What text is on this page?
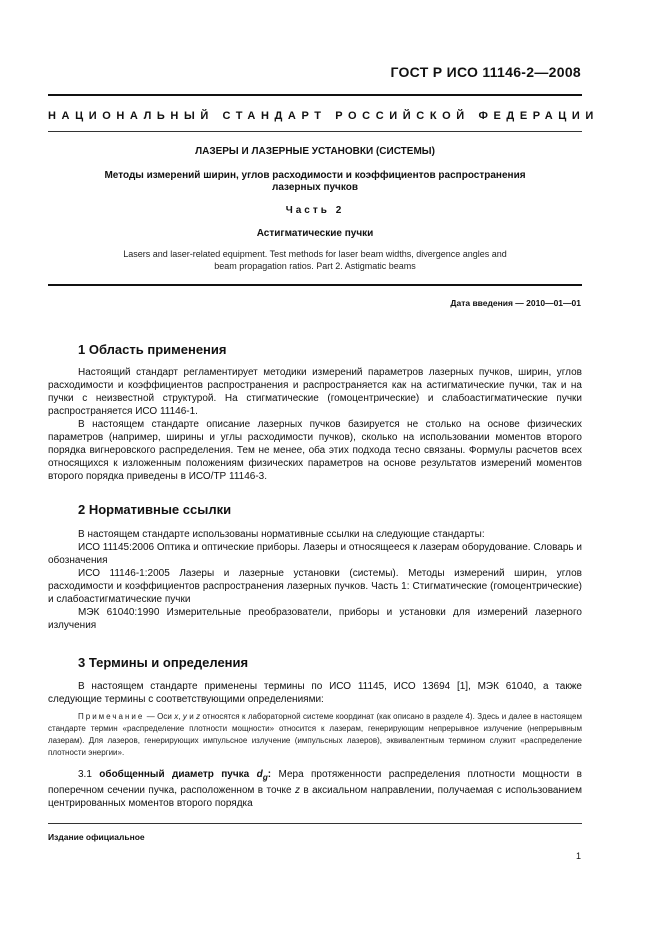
ГОСТ Р ИСО 11146-2—2008
НАЦИОНАЛЬНЫЙ СТАНДАРТ РОССИЙСКОЙ ФЕДЕРАЦИИ
ЛАЗЕРЫ И ЛАЗЕРНЫЕ УСТАНОВКИ (СИСТЕМЫ)
Методы измерений ширин, углов расходимости и коэффициентов распространения
лазерных пучков
Часть 2
Астигматические пучки
Lasers and laser-related equipment. Test methods for laser beam widths, divergence angles and
beam propagation ratios. Part 2. Astigmatic beams
Дата введения — 2010—01—01
1 Область применения

Настоящий стандарт регламентирует методики измерений параметров лазерных пучков, ширин, углов расходимости и коэффициентов распространения и распространяется как на астигматические пучки, так и на пучки с неизвестной структурой. На стигматические (гомоцентрические) и слабоастигматические пучки распространяется ИСО 11146-1.

В настоящем стандарте описание лазерных пучков базируется не столько на основе физических параметров (например, ширины и углы расходимости пучков), сколько на использовании моментов второго порядка вигнеровского распределения. Тем не менее, оба этих подхода тесно связаны. Формулы расчетов всех относящихся к изложенным положениям физических параметров на основе результатов измерений моментов второго порядка приведены в ИСО/ТР 11146-3.

2 Нормативные ссылки

В настоящем стандарте использованы нормативные ссылки на следующие стандарты:

ИСО 11145:2006 Оптика и оптические приборы. Лазеры и относящееся к лазерам оборудование. Словарь и обозначения

ИСО 11146-1:2005 Лазеры и лазерные установки (системы). Методы измерений ширин, углов расходимости и коэффициентов распространения лазерных пучков. Часть 1: Стигматические (гомоцентрические) и слабоастигматические пучки

МЭК 61040:1990 Измерительные преобразователи, приборы и установки для измерений лазерного излучения

3 Термины и определения

В настоящем стандарте применены термины по ИСО 11145, ИСО 13694 [1], МЭК 61040, а также следующие термины с соответствующими определениями:

Примечание — Оси x, y и z относятся к лабораторной системе координат (как описано в разделе 4). Здесь и далее в настоящем стандарте термин «распределение плотности мощности» относится к лазерам, генерирующим непрерывное излучение (непрерывным лазерам). Для лазеров, генерирующих импульсное излучение (импульсных лазеров), эквивалентным термином служит «распределение плотности энергии».

3.1 обобщенный диаметр пучка $d_g$: Мера протяженности распределения плотности мощности в поперечном сечении пучка, расположенном в точке z в аксиальном направлении, получаемая с использованием центрированных моментов второго порядка

Издание официальное
1
